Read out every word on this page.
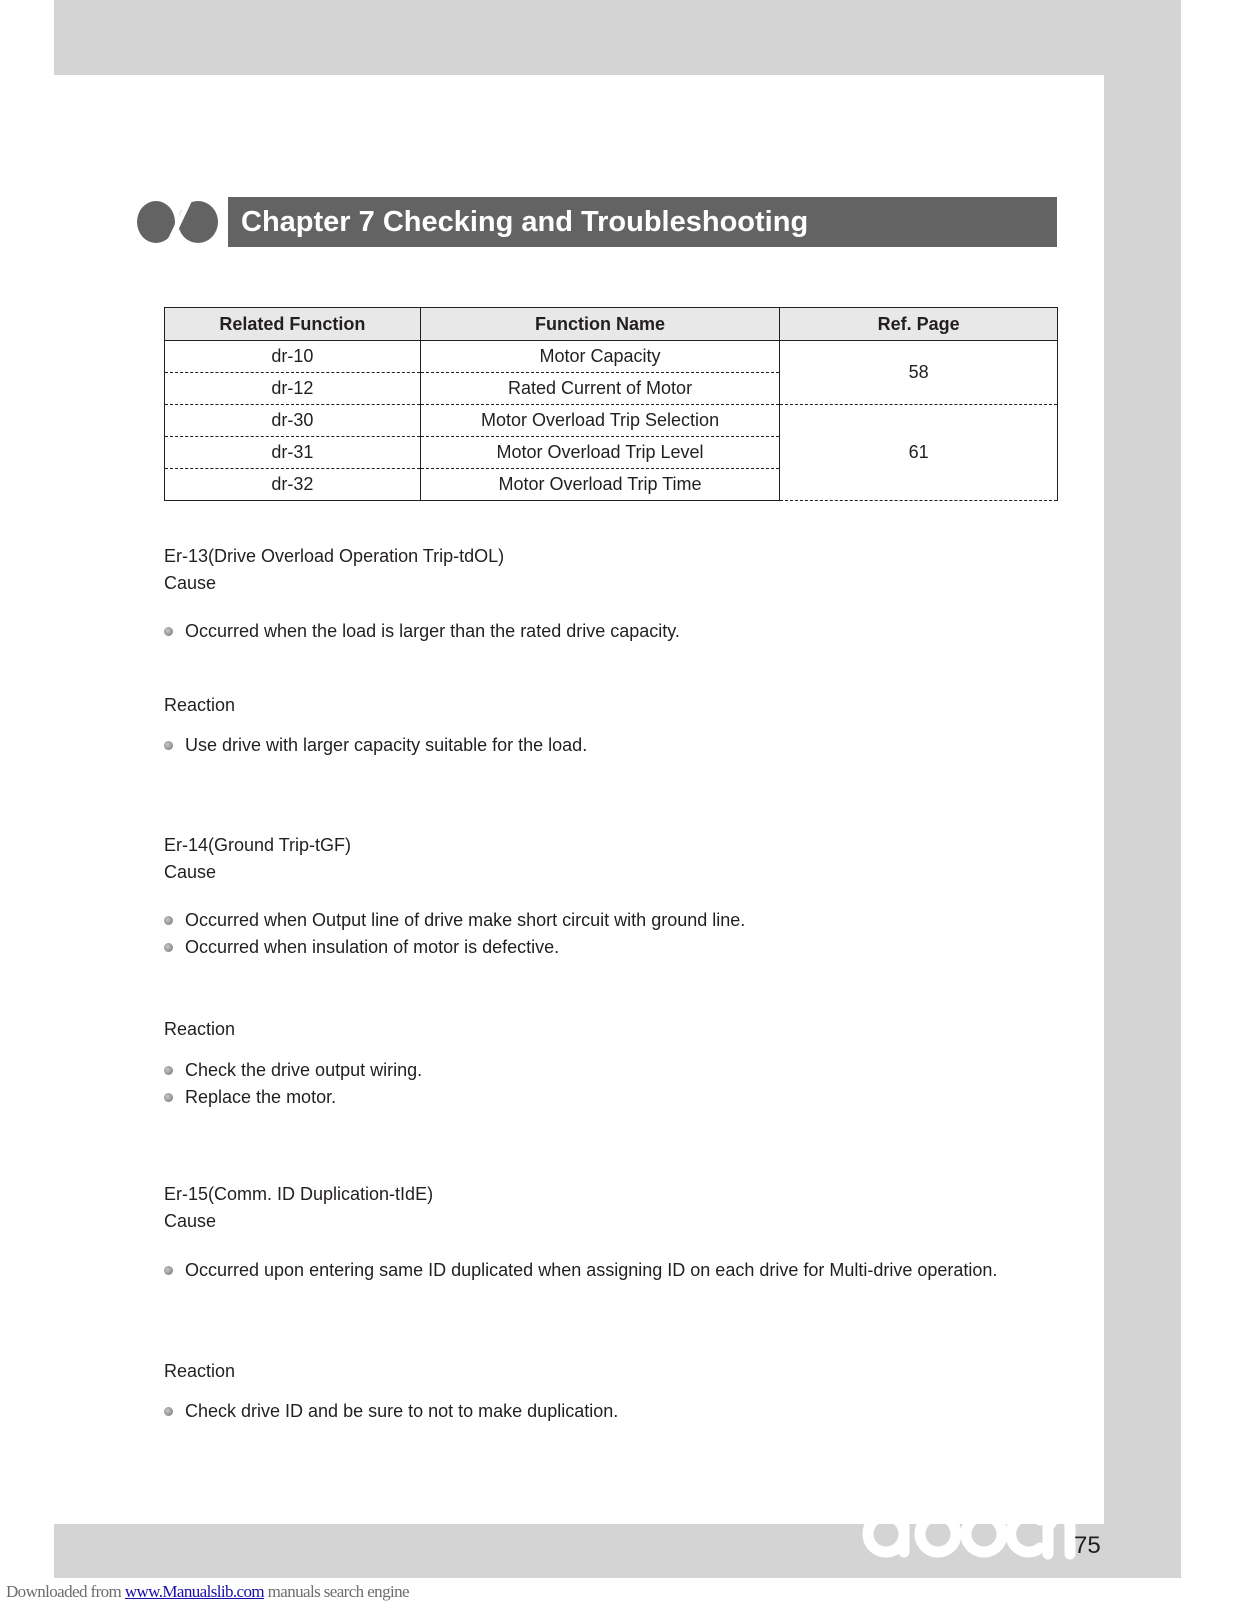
Chapter 7 Checking and Troubleshooting
Related Function	Function Name	Ref. Page
dr-10	Motor Capacity	58
dr-12	Rated Current of Motor	
dr-30	Motor Overload Trip Selection	61
dr-31	Motor Overload Trip Level	
dr-32	Motor Overload Trip Time	
Er-13(Drive Overload Operation Trip-tdOL)
Cause
Occurred when the load is larger than the rated drive capacity.
Reaction
Use drive with larger capacity suitable for the load.
Er-14(Ground Trip-tGF)
Cause
Occurred when Output line of drive make short circuit with ground line.
Occurred when insulation of motor is defective.
Reaction
Check the drive output wiring.
Replace the motor.
Er-15(Comm. ID Duplication-tIdE)
Cause
Occurred upon entering same ID duplicated when assigning ID on each drive for Multi-drive operation.
Reaction
Check drive ID and be sure to not to make duplication.
75
Downloaded from www.Manualslib.com manuals search engine
